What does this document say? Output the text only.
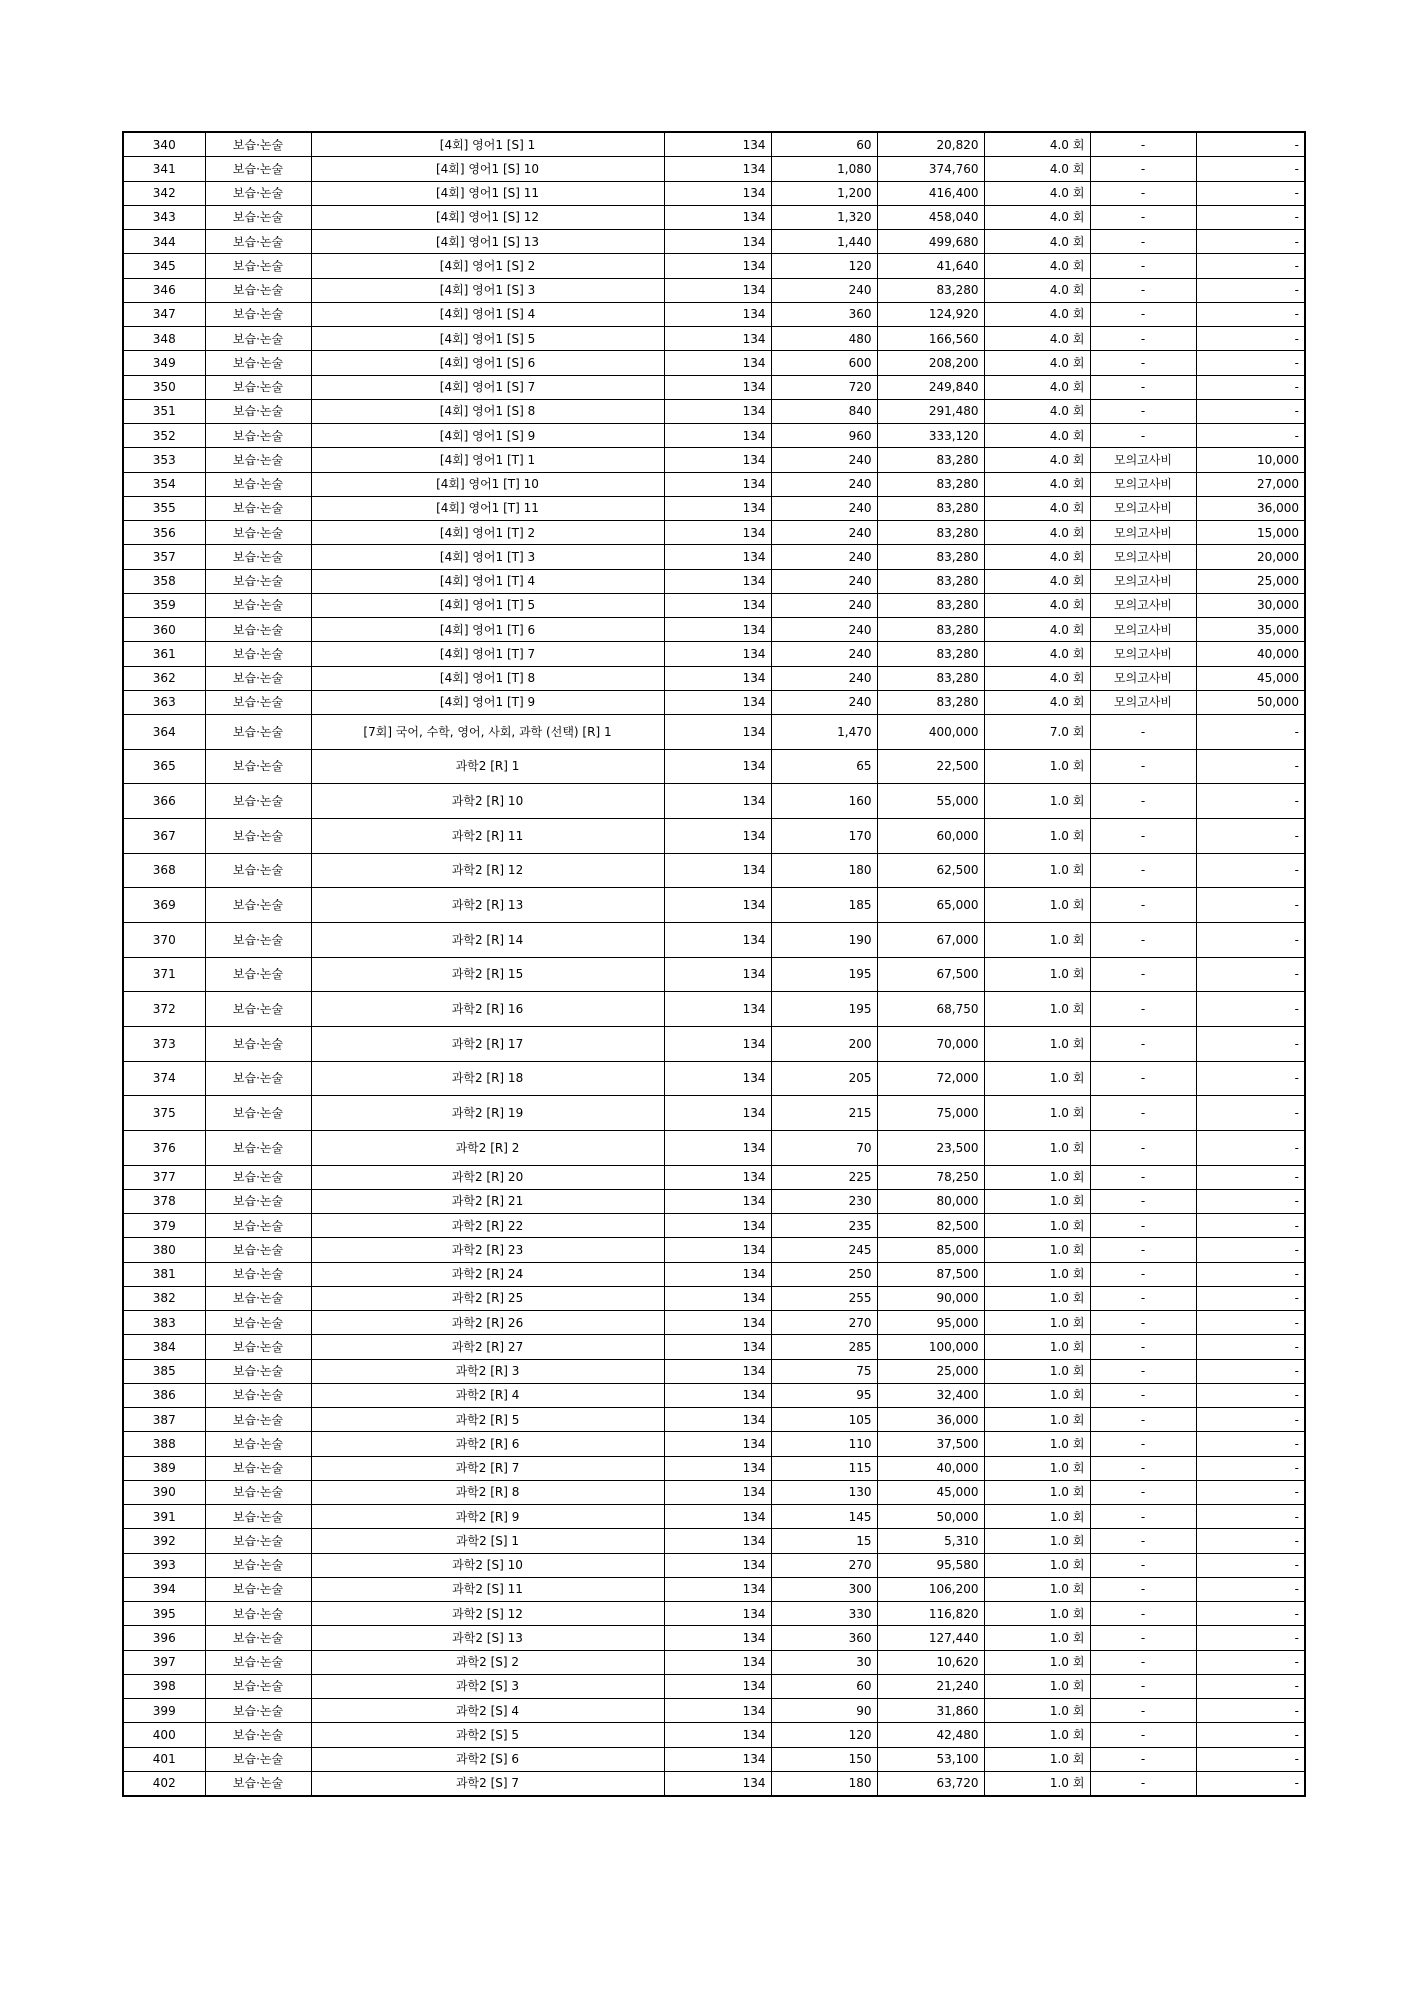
340	보습·논술	[4회] 영어1 [S] 1	134	60	20,820	4.0 회	-	-
341	보습·논술	[4회] 영어1 [S] 10	134	1,080	374,760	4.0 회	-	-
342	보습·논술	[4회] 영어1 [S] 11	134	1,200	416,400	4.0 회	-	-
343	보습·논술	[4회] 영어1 [S] 12	134	1,320	458,040	4.0 회	-	-
344	보습·논술	[4회] 영어1 [S] 13	134	1,440	499,680	4.0 회	-	-
345	보습·논술	[4회] 영어1 [S] 2	134	120	41,640	4.0 회	-	-
346	보습·논술	[4회] 영어1 [S] 3	134	240	83,280	4.0 회	-	-
347	보습·논술	[4회] 영어1 [S] 4	134	360	124,920	4.0 회	-	-
348	보습·논술	[4회] 영어1 [S] 5	134	480	166,560	4.0 회	-	-
349	보습·논술	[4회] 영어1 [S] 6	134	600	208,200	4.0 회	-	-
350	보습·논술	[4회] 영어1 [S] 7	134	720	249,840	4.0 회	-	-
351	보습·논술	[4회] 영어1 [S] 8	134	840	291,480	4.0 회	-	-
352	보습·논술	[4회] 영어1 [S] 9	134	960	333,120	4.0 회	-	-
353	보습·논술	[4회] 영어1 [T] 1	134	240	83,280	4.0 회	모의고사비	10,000
354	보습·논술	[4회] 영어1 [T] 10	134	240	83,280	4.0 회	모의고사비	27,000
355	보습·논술	[4회] 영어1 [T] 11	134	240	83,280	4.0 회	모의고사비	36,000
356	보습·논술	[4회] 영어1 [T] 2	134	240	83,280	4.0 회	모의고사비	15,000
357	보습·논술	[4회] 영어1 [T] 3	134	240	83,280	4.0 회	모의고사비	20,000
358	보습·논술	[4회] 영어1 [T] 4	134	240	83,280	4.0 회	모의고사비	25,000
359	보습·논술	[4회] 영어1 [T] 5	134	240	83,280	4.0 회	모의고사비	30,000
360	보습·논술	[4회] 영어1 [T] 6	134	240	83,280	4.0 회	모의고사비	35,000
361	보습·논술	[4회] 영어1 [T] 7	134	240	83,280	4.0 회	모의고사비	40,000
362	보습·논술	[4회] 영어1 [T] 8	134	240	83,280	4.0 회	모의고사비	45,000
363	보습·논술	[4회] 영어1 [T] 9	134	240	83,280	4.0 회	모의고사비	50,000
364	보습·논술	[7회] 국어, 수학, 영어, 사회, 과학 (선택) [R] 1	134	1,470	400,000	7.0 회	-	-
365	보습·논술	과학2 [R] 1	134	65	22,500	1.0 회	-	-
366	보습·논술	과학2 [R] 10	134	160	55,000	1.0 회	-	-
367	보습·논술	과학2 [R] 11	134	170	60,000	1.0 회	-	-
368	보습·논술	과학2 [R] 12	134	180	62,500	1.0 회	-	-
369	보습·논술	과학2 [R] 13	134	185	65,000	1.0 회	-	-
370	보습·논술	과학2 [R] 14	134	190	67,000	1.0 회	-	-
371	보습·논술	과학2 [R] 15	134	195	67,500	1.0 회	-	-
372	보습·논술	과학2 [R] 16	134	195	68,750	1.0 회	-	-
373	보습·논술	과학2 [R] 17	134	200	70,000	1.0 회	-	-
374	보습·논술	과학2 [R] 18	134	205	72,000	1.0 회	-	-
375	보습·논술	과학2 [R] 19	134	215	75,000	1.0 회	-	-
376	보습·논술	과학2 [R] 2	134	70	23,500	1.0 회	-	-
377	보습·논술	과학2 [R] 20	134	225	78,250	1.0 회	-	-
378	보습·논술	과학2 [R] 21	134	230	80,000	1.0 회	-	-
379	보습·논술	과학2 [R] 22	134	235	82,500	1.0 회	-	-
380	보습·논술	과학2 [R] 23	134	245	85,000	1.0 회	-	-
381	보습·논술	과학2 [R] 24	134	250	87,500	1.0 회	-	-
382	보습·논술	과학2 [R] 25	134	255	90,000	1.0 회	-	-
383	보습·논술	과학2 [R] 26	134	270	95,000	1.0 회	-	-
384	보습·논술	과학2 [R] 27	134	285	100,000	1.0 회	-	-
385	보습·논술	과학2 [R] 3	134	75	25,000	1.0 회	-	-
386	보습·논술	과학2 [R] 4	134	95	32,400	1.0 회	-	-
387	보습·논술	과학2 [R] 5	134	105	36,000	1.0 회	-	-
388	보습·논술	과학2 [R] 6	134	110	37,500	1.0 회	-	-
389	보습·논술	과학2 [R] 7	134	115	40,000	1.0 회	-	-
390	보습·논술	과학2 [R] 8	134	130	45,000	1.0 회	-	-
391	보습·논술	과학2 [R] 9	134	145	50,000	1.0 회	-	-
392	보습·논술	과학2 [S] 1	134	15	5,310	1.0 회	-	-
393	보습·논술	과학2 [S] 10	134	270	95,580	1.0 회	-	-
394	보습·논술	과학2 [S] 11	134	300	106,200	1.0 회	-	-
395	보습·논술	과학2 [S] 12	134	330	116,820	1.0 회	-	-
396	보습·논술	과학2 [S] 13	134	360	127,440	1.0 회	-	-
397	보습·논술	과학2 [S] 2	134	30	10,620	1.0 회	-	-
398	보습·논술	과학2 [S] 3	134	60	21,240	1.0 회	-	-
399	보습·논술	과학2 [S] 4	134	90	31,860	1.0 회	-	-
400	보습·논술	과학2 [S] 5	134	120	42,480	1.0 회	-	-
401	보습·논술	과학2 [S] 6	134	150	53,100	1.0 회	-	-
402	보습·논술	과학2 [S] 7	134	180	63,720	1.0 회	-	-
